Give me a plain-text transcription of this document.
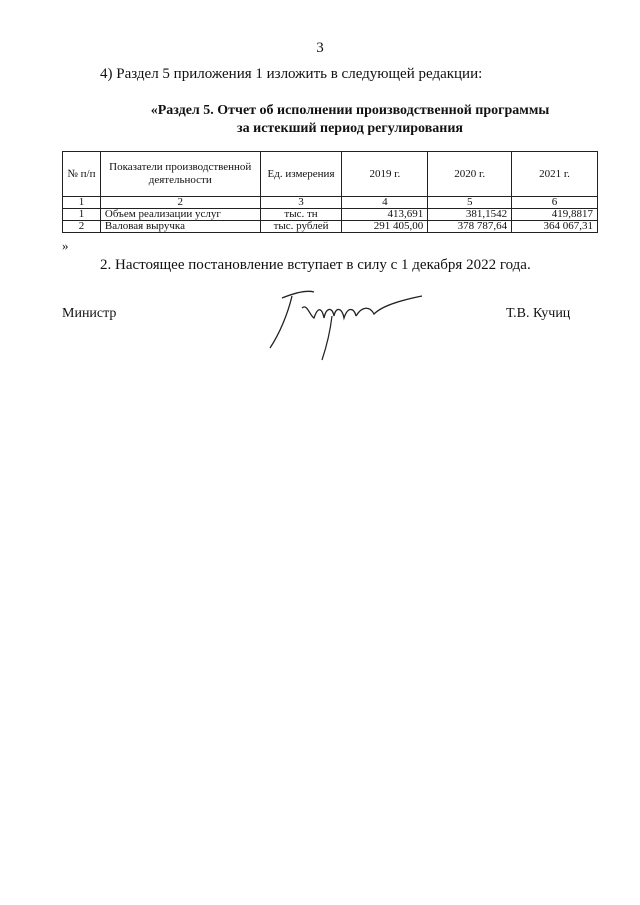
3
4) Раздел 5 приложения 1 изложить в следующей редакции:
«Раздел 5. Отчет об исполнении производственной программы
за истекший период регулирования
№ п/п	Показатели производственной деятельности	Ед. измерения	2019 г.	2020 г.	2021 г.
1	2	3	4	5	6
1	Объем реализации услуг	тыс. тн	413,691	381,1542	419,8817
2	Валовая выручка	тыс. рублей	291 405,00	378 787,64	364 067,31
»
2. Настоящее постановление вступает в силу с 1 декабря 2022 года.
Министр	Т.В. Кучиц
